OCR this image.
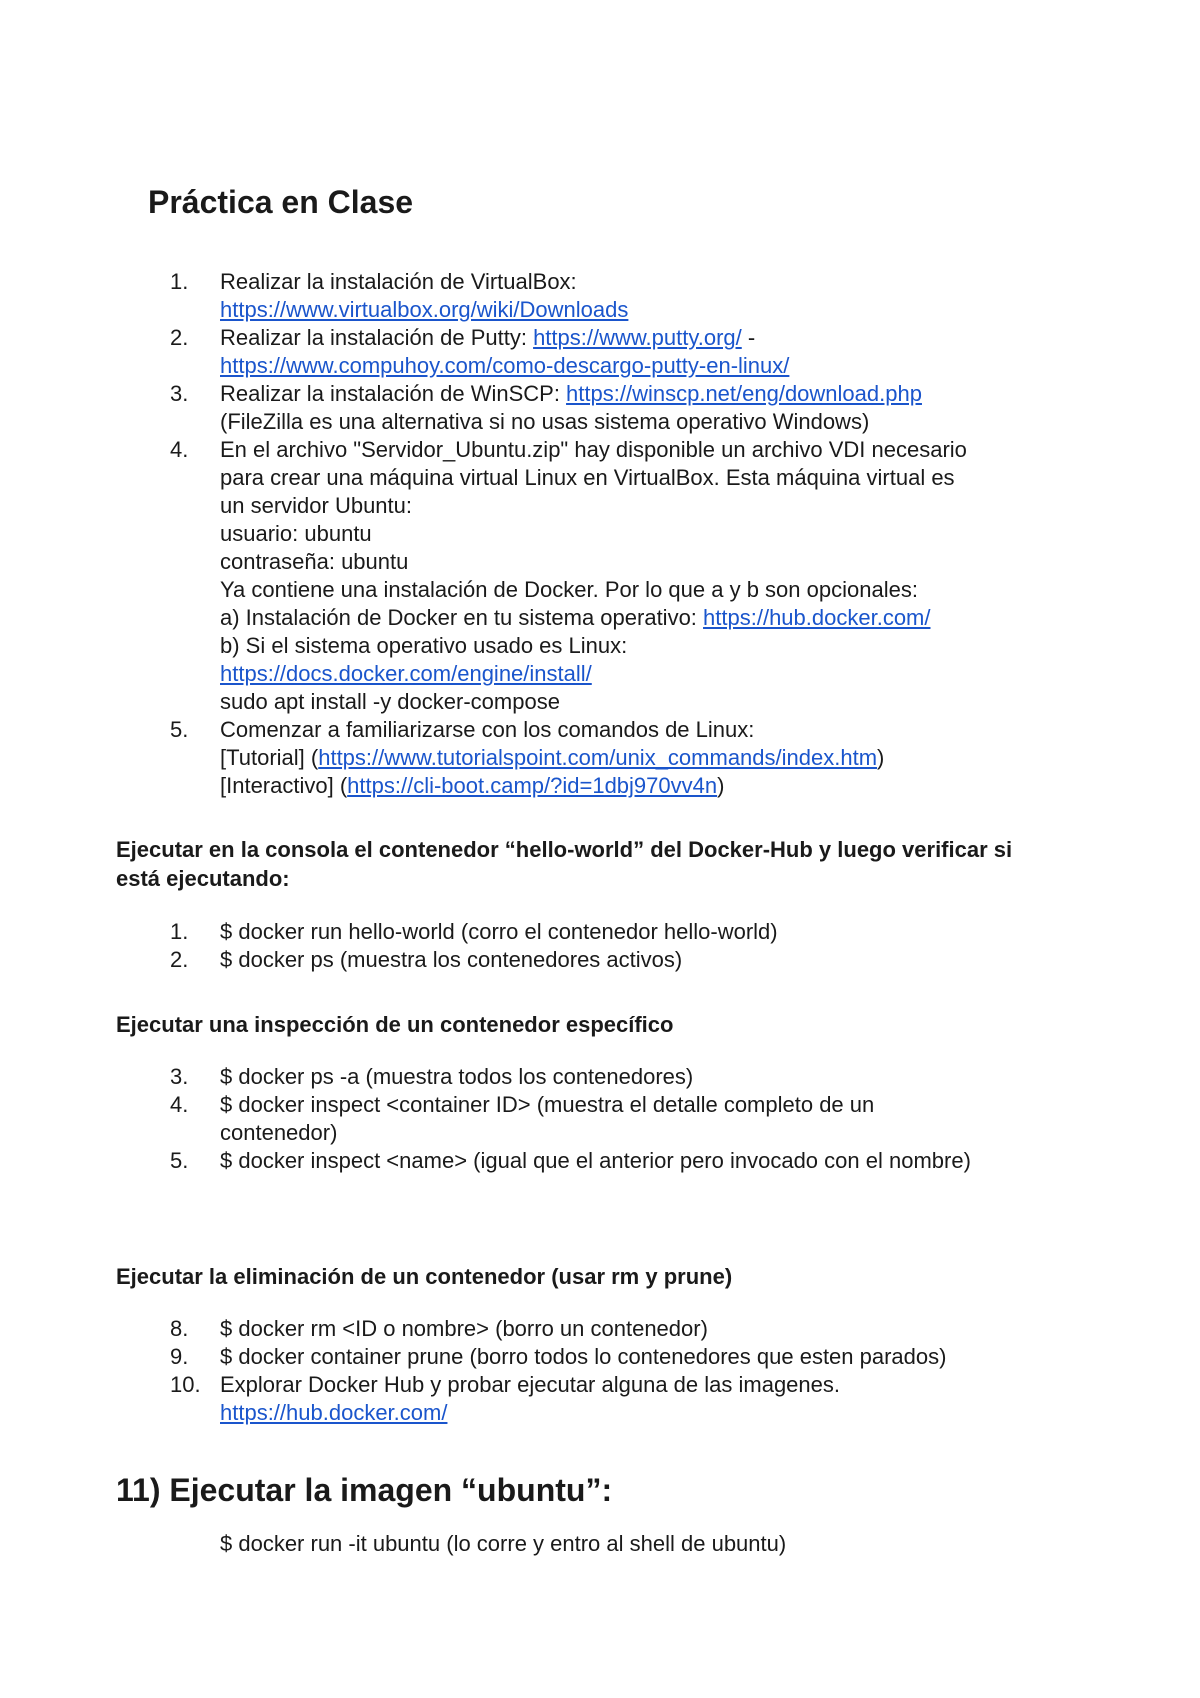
Práctica en Clase
1.	Realizar la instalación de VirtualBox:
https://www.virtualbox.org/wiki/Downloads
2.	Realizar la instalación de Putty: https://www.putty.org/ -
https://www.compuhoy.com/como-descargo-putty-en-linux/
3.	Realizar la instalación de WinSCP: https://winscp.net/eng/download.php
(FileZilla es una alternativa si no usas sistema operativo Windows)
4.	En el archivo "Servidor_Ubuntu.zip" hay disponible un archivo VDI necesario
para crear una máquina virtual Linux en VirtualBox. Esta máquina virtual es
un servidor Ubuntu:
usuario: ubuntu
contraseña: ubuntu
Ya contiene una instalación de Docker. Por lo que a y b son opcionales:
a) Instalación de Docker en tu sistema operativo: https://hub.docker.com/
b) Si el sistema operativo usado es Linux:
https://docs.docker.com/engine/install/
sudo apt install -y docker-compose
5.	Comenzar a familiarizarse con los comandos de Linux:
[Tutorial] (https://www.tutorialspoint.com/unix_commands/index.htm)
[Interactivo] (https://cli-boot.camp/?id=1dbj970vv4n)

Ejecutar en la consola el contenedor “hello-world” del Docker-Hub y luego verificar si está ejecutando:

1.	$ docker run hello-world (corro el contenedor hello-world)
2.	$ docker ps (muestra los contenedores activos)

Ejecutar una inspección de un contenedor específico

3.	$ docker ps -a (muestra todos los contenedores)
4.	$ docker inspect <container ID> (muestra el detalle completo de un
contenedor)
5.	$ docker inspect <name> (igual que el anterior pero invocado con el nombre)

Ejecutar la eliminación de un contenedor (usar rm y prune)

8.	$ docker rm <ID o nombre> (borro un contenedor)
9.	$ docker container prune (borro todos lo contenedores que esten parados)
10. Explorar Docker Hub y probar ejecutar alguna de las imagenes.
https://hub.docker.com/
11) Ejecutar la imagen “ubuntu”:
$ docker run -it ubuntu (lo corre y entro al shell de ubuntu)
